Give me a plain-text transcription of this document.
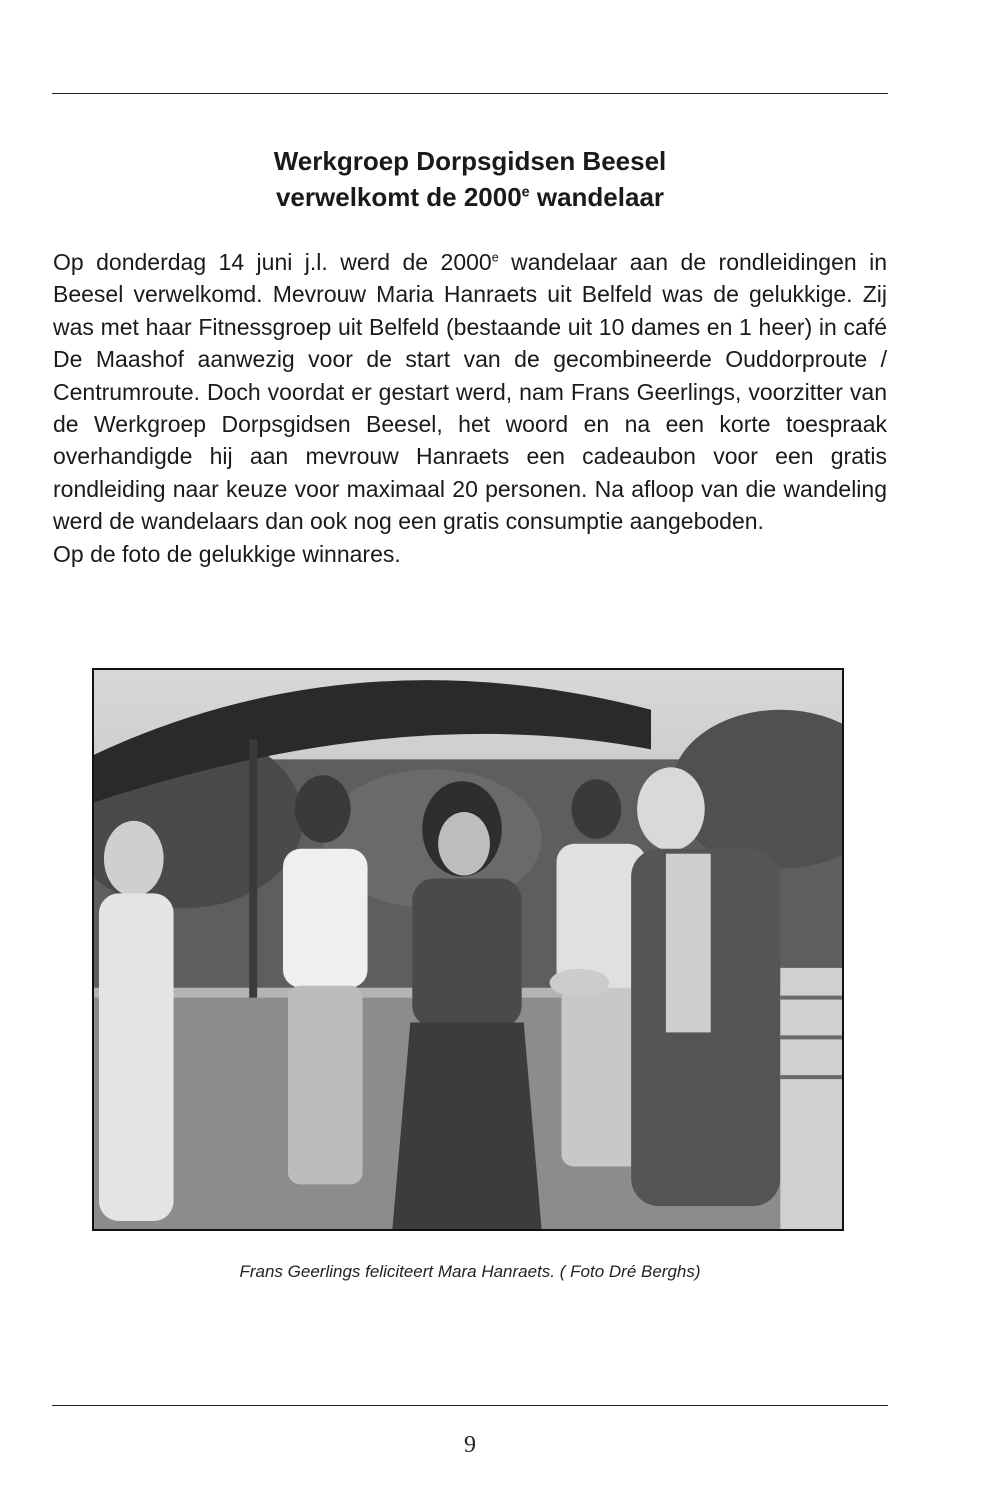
Werkgroep Dorpsgidsen Beesel
verwelkomt de 2000e wandelaar

Op donderdag 14 juni j.l. werd de 2000e wandelaar aan de rondleidingen in Beesel verwelkomd. Mevrouw Maria Hanraets uit Belfeld was de gelukkige. Zij was met haar Fitnessgroep uit Belfeld (bestaande uit 10 dames en 1 heer) in café De Maashof aanwezig voor de start van de gecombineerde Ouddorproute / Centrumroute. Doch voordat er gestart werd, nam Frans Geerlings, voorzitter van de Werkgroep Dorpsgidsen Beesel, het woord en na een korte toespraak overhandigde hij aan mevrouw Hanraets een cadeaubon voor een gratis rondleiding naar keuze voor maximaal 20 personen. Na afloop van die wandeling werd de wandelaars dan ook nog een gratis consumptie aangeboden.

Op de foto de gelukkige winnares.

Frans Geerlings feliciteert Mara Hanraets. ( Foto Dré Berghs)
9
